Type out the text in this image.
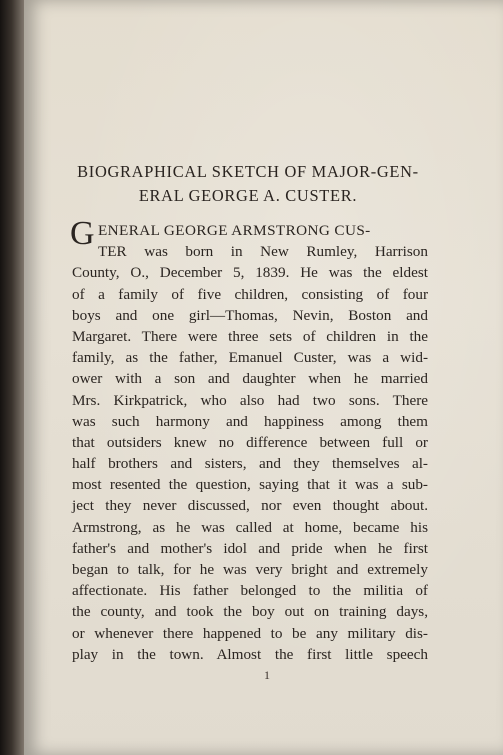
BIOGRAPHICAL SKETCH OF MAJOR-GEN-
ERAL GEORGE A. CUSTER.
G ENERAL GEORGE ARMSTRONG CUS-
TER was born in New Rumley, Harrison
County, O., December 5, 1839. He was the eldest
of a family of five children, consisting of four
boys and one girl—Thomas, Nevin, Boston and
Margaret. There were three sets of children in the
family, as the father, Emanuel Custer, was a wid-
ower with a son and daughter when he married
Mrs. Kirkpatrick, who also had two sons. There
was such harmony and happiness among them
that outsiders knew no difference between full or
half brothers and sisters, and they themselves al-
most resented the question, saying that it was a sub-
ject they never discussed, nor even thought about.
Armstrong, as he was called at home, became his
father's and mother's idol and pride when he first
began to talk, for he was very bright and extremely
affectionate. His father belonged to the militia of
the county, and took the boy out on training days,
or whenever there happened to be any military dis-
play in the town. Almost the first little speech
1
